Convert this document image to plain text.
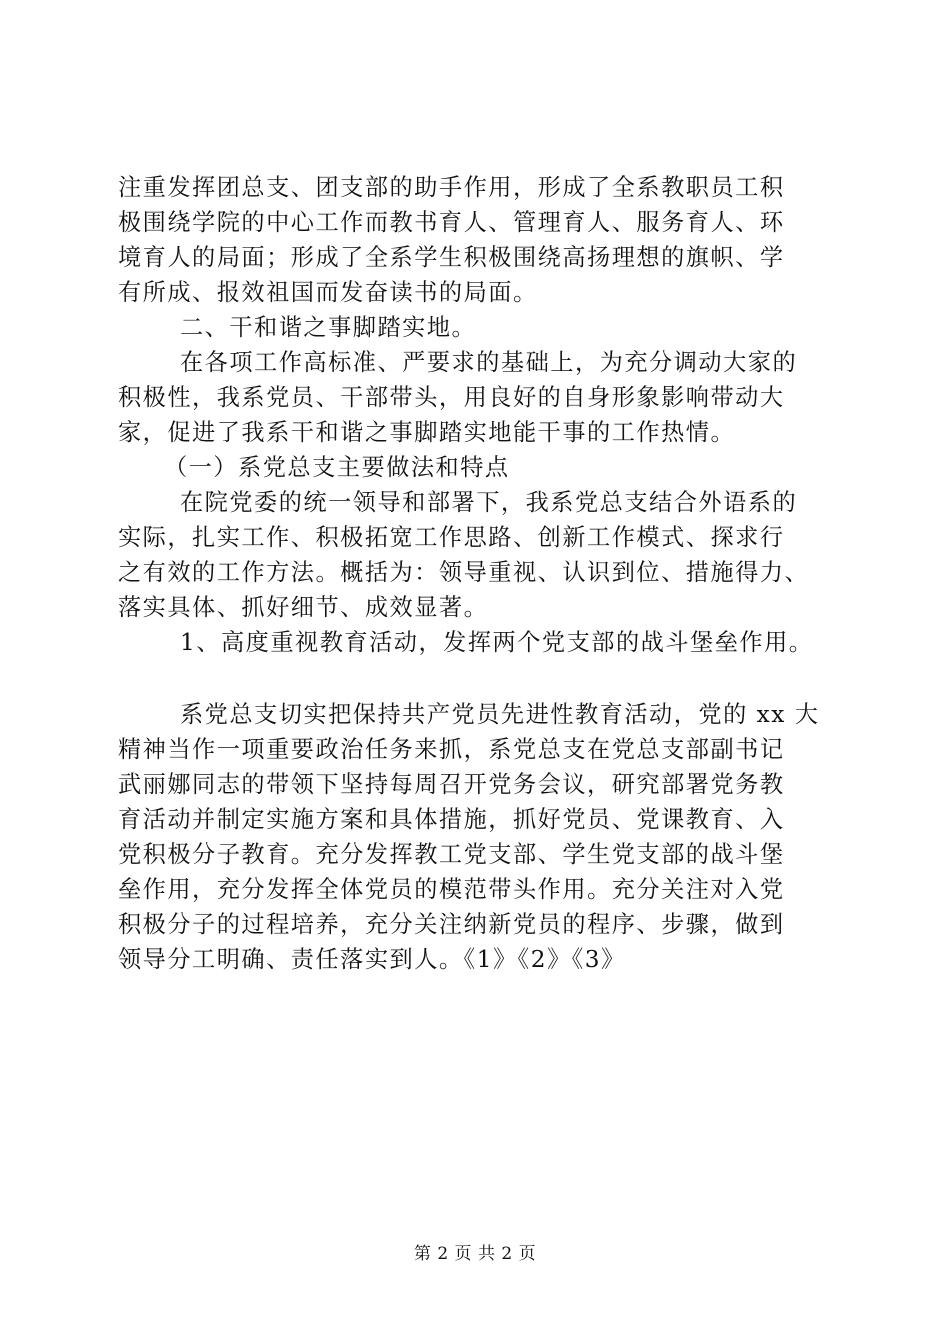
注重发挥团总支、团支部的助手作用，形成了全系教职员工积
极围绕学院的中心工作而教书育人、管理育人、服务育人、环
境育人的局面；形成了全系学生积极围绕高扬理想的旗帜、学
有所成、报效祖国而发奋读书的局面。

二、干和谐之事脚踏实地。

在各项工作高标准、严要求的基础上，为充分调动大家的
积极性，我系党员、干部带头，用良好的自身形象影响带动大
家，促进了我系干和谐之事脚踏实地能干事的工作热情。

（一）系党总支主要做法和特点

在院党委的统一领导和部署下，我系党总支结合外语系的
实际，扎实工作、积极拓宽工作思路、创新工作模式、探求行
之有效的工作方法。概括为：领导重视、认识到位、措施得力、
落实具体、抓好细节、成效显著。

1、高度重视教育活动，发挥两个党支部的战斗堡垒作用。

系党总支切实把保持共产党员先进性教育活动，党的 xx 大
精神当作一项重要政治任务来抓，系党总支在党总支部副书记
武丽娜同志的带领下坚持每周召开党务会议，研究部署党务教
育活动并制定实施方案和具体措施，抓好党员、党课教育、入
党积极分子教育。充分发挥教工党支部、学生党支部的战斗堡
垒作用，充分发挥全体党员的模范带头作用。充分关注对入党
积极分子的过程培养，充分关注纳新党员的程序、步骤，做到
领导分工明确、责任落实到人。《1》《2》《3》

第 2 页 共 2 页
